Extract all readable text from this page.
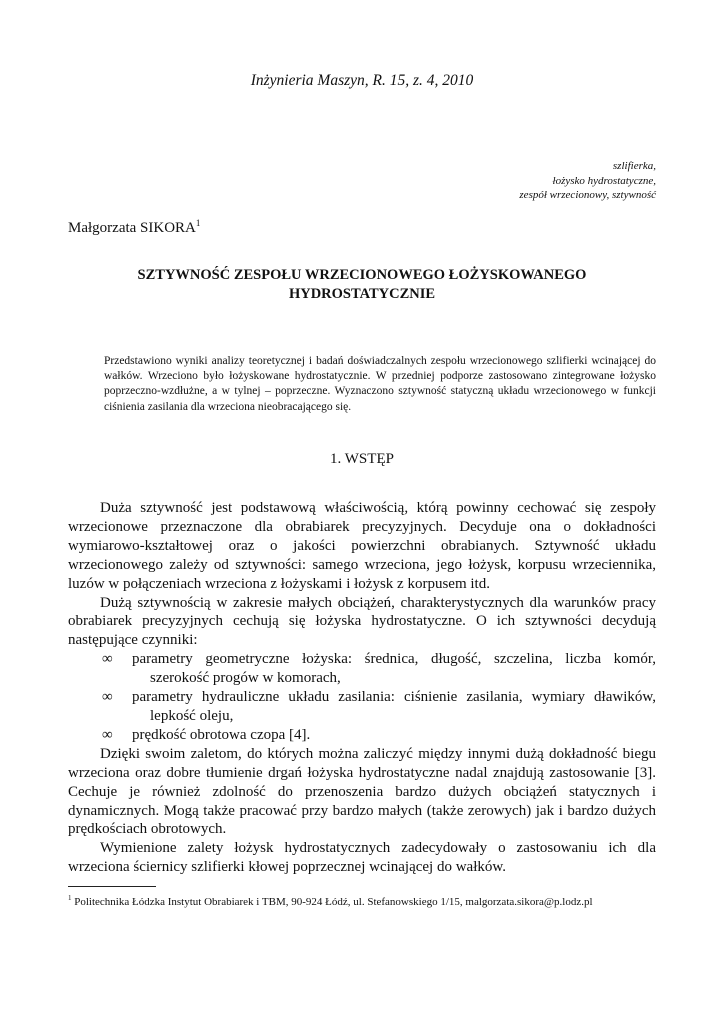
Inżynieria Maszyn, R. 15, z. 4, 2010
szlifierka,
łożysko hydrostatyczne,
zespół wrzecionowy, sztywność
Małgorzata SIKORA$^1$
SZTYWNOŚĆ ZESPOŁU WRZECIONOWEGO ŁOŻYSKOWANEGO
HYDROSTATYCZNIE
Przedstawiono wyniki analizy teoretycznej i badań doświadczalnych zespołu wrzecionowego szlifierki wcinającej do wałków. Wrzeciono było łożyskowane hydrostatycznie. W przedniej podporze zastosowano zintegrowane łożysko poprzeczno-wzdłużne, a w tylnej – poprzeczne. Wyznaczono sztywność statyczną układu wrzecionowego w funkcji ciśnienia zasilania dla wrzeciona nieobracającego się.
1. WSTĘP

Duża sztywność jest podstawową właściwością, którą powinny cechować się zespoły wrzecionowe przeznaczone dla obrabiarek precyzyjnych. Decyduje ona o dokładności wymiarowo-kształtowej oraz o jakości powierzchni obrabianych. Sztywność układu wrzecionowego zależy od sztywności: samego wrzeciona, jego łożysk, korpusu wrzeciennika, luzów w połączeniach wrzeciona z łożyskami i łożysk z korpusem itd.

Dużą sztywnością w zakresie małych obciążeń, charakterystycznych dla warunków pracy obrabiarek precyzyjnych cechują się łożyska hydrostatyczne. O ich sztywności decydują następujące czynniki:

∞ parametry geometryczne łożyska: średnica, długość, szczelina, liczba komór, szerokość progów w komorach,
∞ parametry hydrauliczne układu zasilania: ciśnienie zasilania, wymiary dławików, lepkość oleju,
∞ prędkość obrotowa czopa [4].

Dzięki swoim zaletom, do których można zaliczyć między innymi dużą dokładność biegu wrzeciona oraz dobre tłumienie drgań łożyska hydrostatyczne nadal znajdują zastosowanie [3]. Cechuje je również zdolność do przenoszenia bardzo dużych obciążeń statycznych i dynamicznych. Mogą także pracować przy bardzo małych (także zerowych) jak i bardzo dużych prędkościach obrotowych.

Wymienione zalety łożysk hydrostatycznych zadecydowały o zastosowaniu ich dla wrzeciona ściernicy szlifierki kłowej poprzecznej wcinającej do wałków.

$^1$ Politechnika Łódzka Instytut Obrabiarek i TBM, 90-924 Łódź, ul. Stefanowskiego 1/15, malgorzata.sikora@p.lodz.pl
